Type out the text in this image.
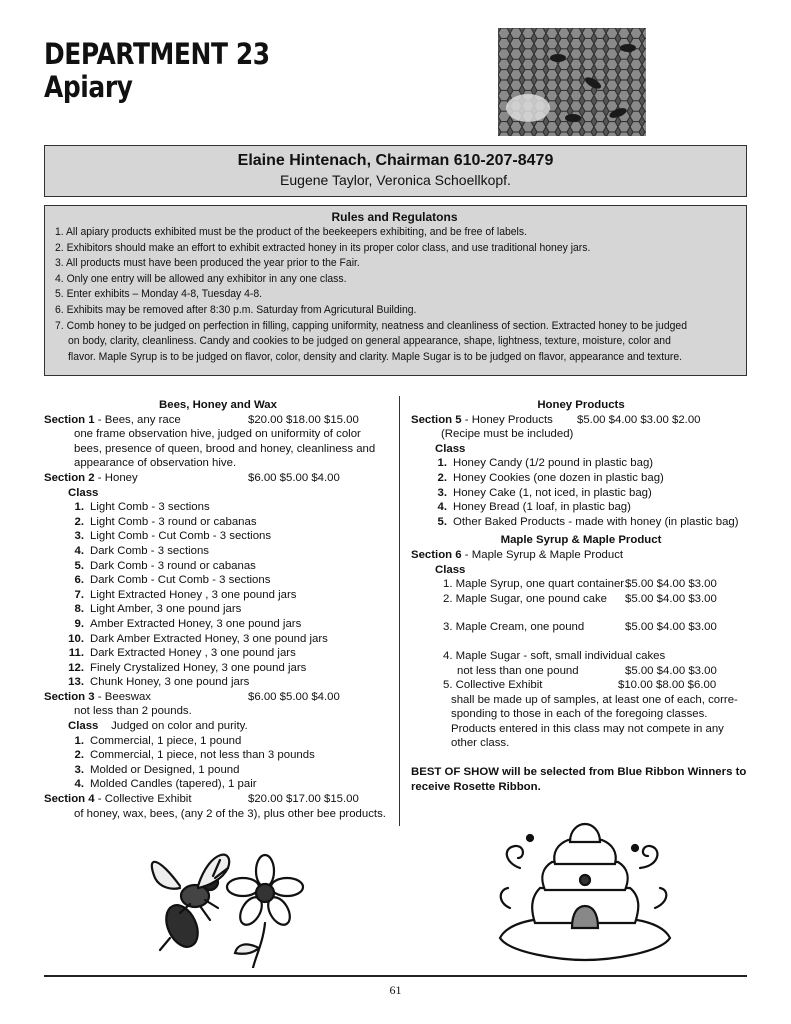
DEPARTMENT 23
Apiary
Elaine Hintenach, Chairman 610-207-8479
Eugene Taylor, Veronica Schoellkopf.
Rules and Regulatons
1. All apiary products exhibited must be the product of the beekeepers exhibiting, and be free of labels.
2. Exhibitors should make an effort to exhibit extracted honey in its proper color class, and use traditional honey jars.
3. All products must have been produced the year prior to the Fair.
4. Only one entry will be allowed any exhibitor in any one class.
5. Enter exhibits – Monday 4-8, Tuesday 4-8.
6. Exhibits may be removed after 8:30 p.m. Saturday from Agricutural Building.
7. Comb honey to be judged on perfection in filling, capping uniformity, neatness and cleanliness of section. Extracted honey to be judged
on body, clarity, cleanliness. Candy and cookies to be judged on general appearance, shape, lightness, texture, moisture, color and
flavor. Maple Syrup is to be judged on flavor, color, density and clarity. Maple Sugar is to be judged on flavor, appearance and texture.
Bees, Honey and Wax
Section 1 - Bees, any race	$20.00 $18.00 $15.00
one frame observation hive, judged on uniformity of color
bees, presence of queen, brood and honey, cleanliness and
appearance of observation hive.
Section 2 - Honey	$6.00 $5.00 $4.00
Class
1. Light Comb - 3 sections
2. Light Comb - 3 round or cabanas
3. Light Comb - Cut Comb - 3 sections
4. Dark Comb - 3 sections
5. Dark Comb - 3 round or cabanas
6. Dark Comb - Cut Comb - 3 sections
7. Light Extracted Honey , 3 one pound jars
8. Light Amber, 3 one pound jars
9. Amber Extracted Honey, 3 one pound jars
10. Dark Amber Extracted Honey, 3 one pound jars
11. Dark Extracted Honey , 3 one pound jars
12. Finely Crystalized Honey, 3 one pound jars
13. Chunk Honey, 3 one pound jars
Section 3 - Beeswax	$6.00 $5.00 $4.00
not less than 2 pounds.
Class Judged on color and purity.
1. Commercial, 1 piece, 1 pound
2. Commercial, 1 piece, not less than 3 pounds
3. Molded or Designed, 1 pound
4. Molded Candles (tapered), 1 pair
Section 4 - Collective Exhibit	$20.00 $17.00 $15.00
of honey, wax, bees, (any 2 of the 3), plus other bee products.
Honey Products
Section 5 - Honey Products $5.00 $4.00 $3.00 $2.00
(Recipe must be included)
Class
1. Honey Candy (1/2 pound in plastic bag)
2. Honey Cookies (one dozen in plastic bag)
3. Honey Cake (1, not iced, in plastic bag)
4. Honey Bread (1 loaf, in plastic bag)
5. Other Baked Products - made with honey (in plastic bag)
Maple Syrup & Maple Product
Section 6 - Maple Syrup & Maple Product
Class
1. Maple Syrup, one quart container $5.00 $4.00 $3.00
2. Maple Sugar, one pound cake $5.00 $4.00 $3.00
3. Maple Cream, one pound	$5.00 $4.00 $3.00
4. Maple Sugar - soft, small individual cakes
not less than one pound	$5.00 $4.00 $3.00
5. Collective Exhibit	$10.00 $8.00 $6.00
shall be made up of samples, at least one of each, corre-
sponding to those in each of the foregoing classes.
Products entered in this class may not compete in any
other class.
BEST OF SHOW will be selected from Blue Ribbon Winners to
receive Rosette Ribbon.
61
